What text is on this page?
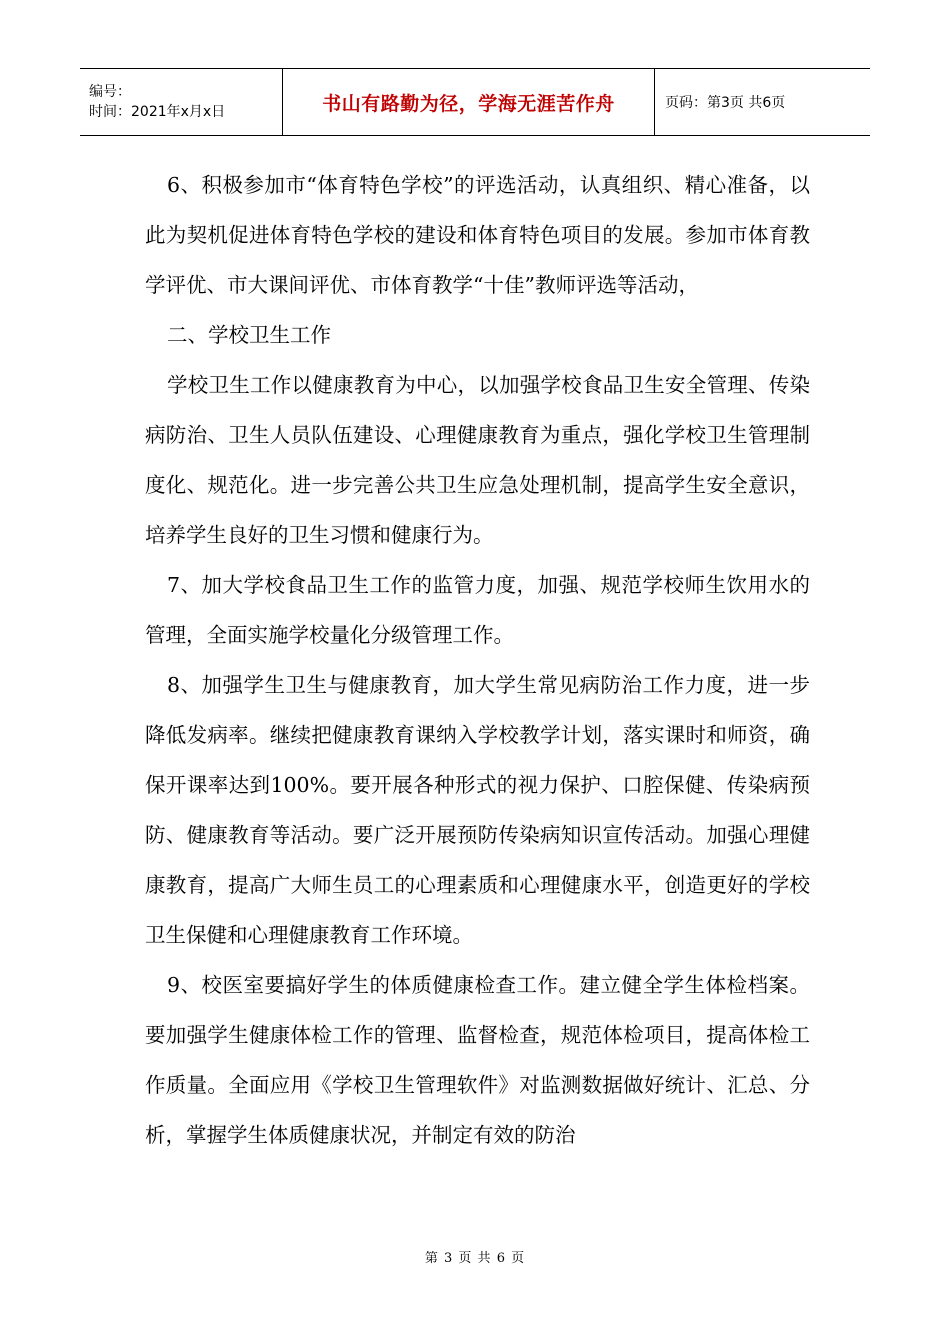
编号：
时间：2021年x月x日	书山有路勤为径，学海无涯苦作舟	页码：第3页 共6页

6、积极参加市“体育特色学校”的评选活动，认真组织、精心准备，以此为契机促进体育特色学校的建设和体育特色项目的发展。参加市体育教学评优、市大课间评优、市体育教学“十佳”教师评选等活动，

二、学校卫生工作

学校卫生工作以健康教育为中心，以加强学校食品卫生安全管理、传染病防治、卫生人员队伍建设、心理健康教育为重点，强化学校卫生管理制度化、规范化。进一步完善公共卫生应急处理机制，提高学生安全意识，培养学生良好的卫生习惯和健康行为。

7、加大学校食品卫生工作的监管力度，加强、规范学校师生饮用水的管理，全面实施学校量化分级管理工作。

8、加强学生卫生与健康教育，加大学生常见病防治工作力度，进一步降低发病率。继续把健康教育课纳入学校教学计划，落实课时和师资，确保开课率达到100%。要开展各种形式的视力保护、口腔保健、传染病预防、健康教育等活动。要广泛开展预防传染病知识宣传活动。加强心理健康教育，提高广大师生员工的心理素质和心理健康水平，创造更好的学校卫生保健和心理健康教育工作环境。

9、校医室要搞好学生的体质健康检查工作。建立健全学生体检档案。要加强学生健康体检工作的管理、监督检查，规范体检项目，提高体检工作质量。全面应用《学校卫生管理软件》对监测数据做好统计、汇总、分析，掌握学生体质健康状况，并制定有效的防治

第 3 页 共 6 页
